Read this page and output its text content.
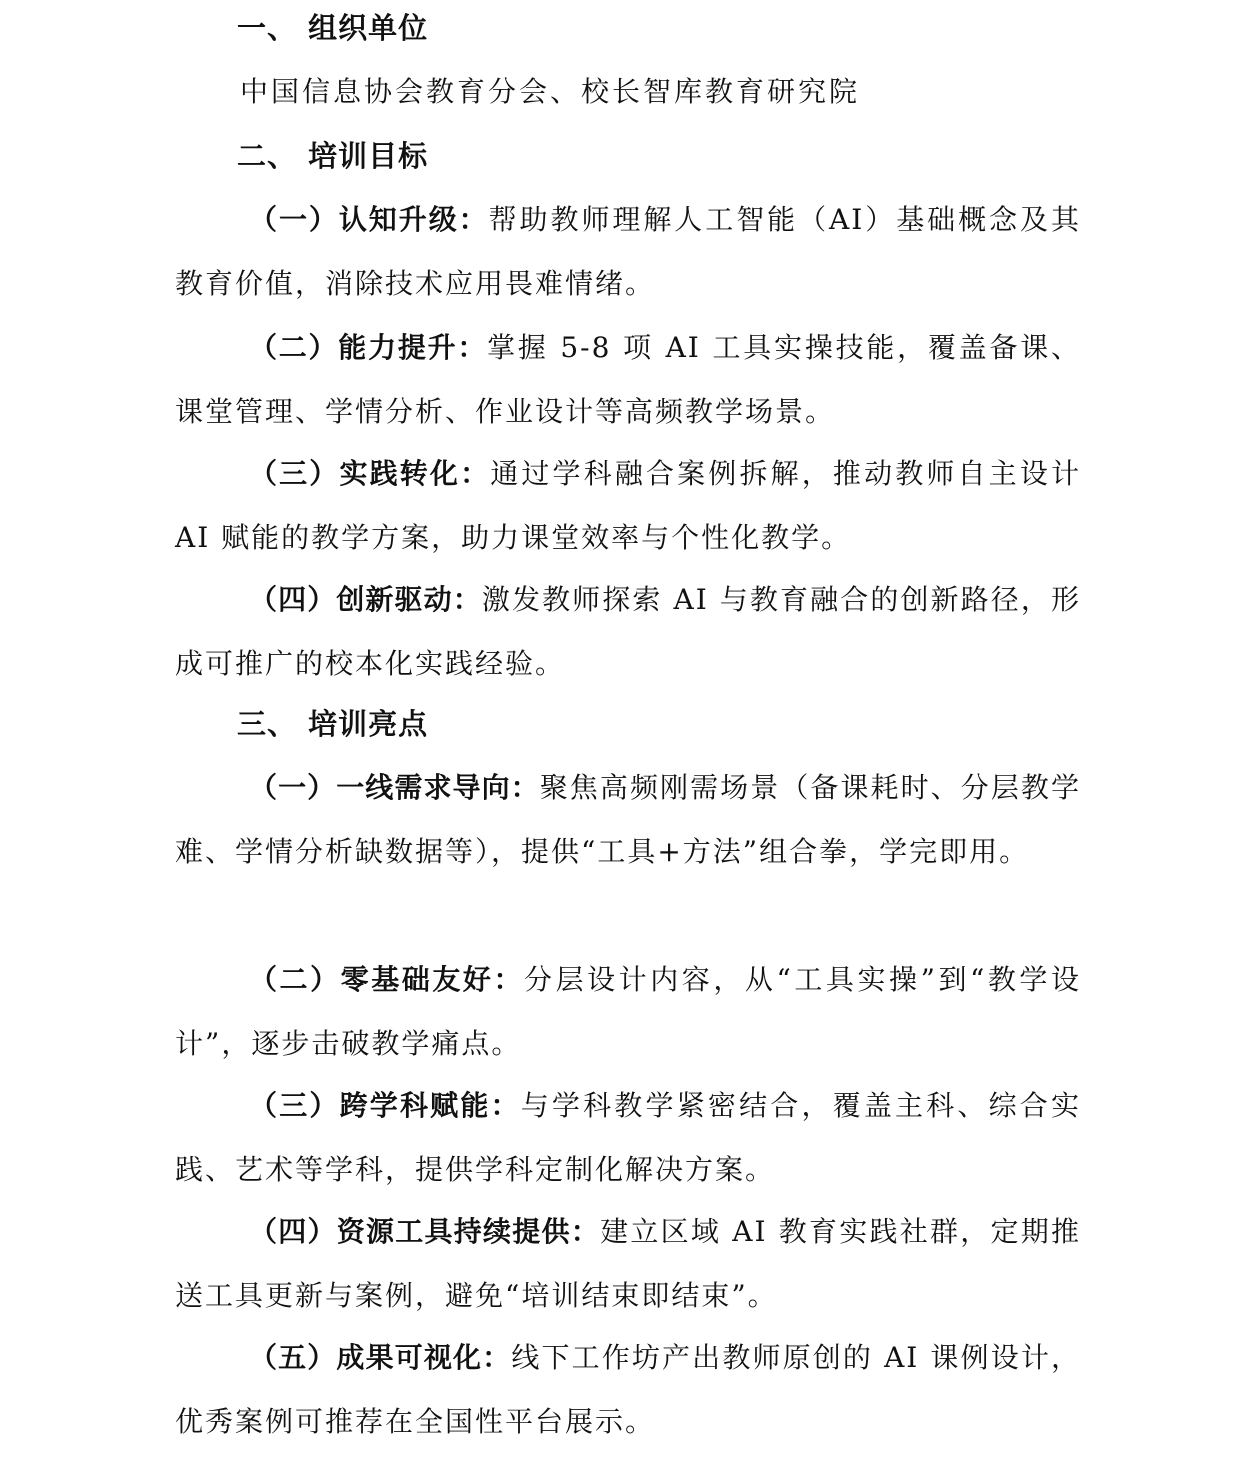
一、 组织单位

中国信息协会教育分会、校长智库教育研究院

二、 培训目标

（一）认知升级：帮助教师理解人工智能（AI）基础概念及其教育价值，消除技术应用畏难情绪。

（二）能力提升：掌握 5-8 项 AI 工具实操技能，覆盖备课、课堂管理、学情分析、作业设计等高频教学场景。

（三）实践转化：通过学科融合案例拆解，推动教师自主设计 AI 赋能的教学方案，助力课堂效率与个性化教学。

（四）创新驱动：激发教师探索 AI 与教育融合的创新路径，形成可推广的校本化实践经验。

三、 培训亮点

（一）一线需求导向：聚焦高频刚需场景（备课耗时、分层教学难、学情分析缺数据等），提供“工具+方法”组合拳，学完即用。

（二）零基础友好：分层设计内容，从“工具实操”到“教学设计”，逐步击破教学痛点。

（三）跨学科赋能：与学科教学紧密结合，覆盖主科、综合实践、艺术等学科，提供学科定制化解决方案。

（四）资源工具持续提供：建立区域 AI 教育实践社群，定期推送工具更新与案例，避免“培训结束即结束”。

（五）成果可视化：线下工作坊产出教师原创的 AI 课例设计，优秀案例可推荐在全国性平台展示。
